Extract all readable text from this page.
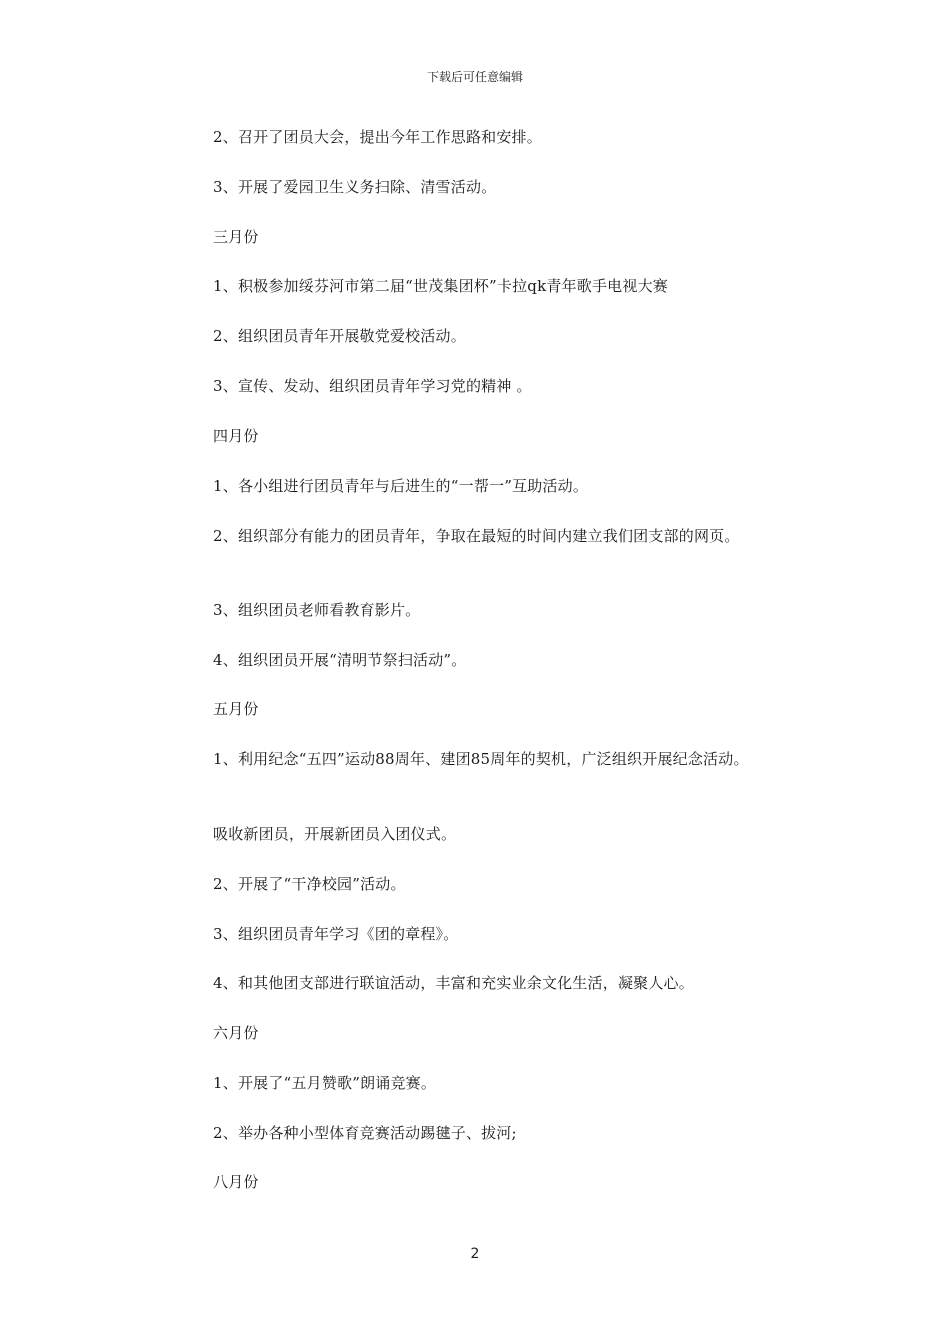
下载后可任意编辑

2、召开了团员大会，提出今年工作思路和安排。

3、开展了爱园卫生义务扫除、清雪活动。

三月份

1、积极参加绥芬河市第二届“世茂集团杯”卡拉qk青年歌手电视大赛

2、组织团员青年开展敬党爱校活动。

3、宣传、发动、组织团员青年学习党的精神 。

四月份

1、各小组进行团员青年与后进生的“一帮一”互助活动。

2、组织部分有能力的团员青年，争取在最短的时间内建立我们团支部的网页。

3、组织团员老师看教育影片。

4、组织团员开展“清明节祭扫活动”。

五月份

1、利用纪念“五四”运动88周年、建团85周年的契机，广泛组织开展纪念活动。

吸收新团员，开展新团员入团仪式。

2、开展了“干净校园”活动。

3、组织团员青年学习《团的章程》。

4、和其他团支部进行联谊活动，丰富和充实业余文化生活，凝聚人心。

六月份

1、开展了“五月赞歌”朗诵竞赛。

2、举办各种小型体育竞赛活动踢毽子、拔河;

八月份

2
